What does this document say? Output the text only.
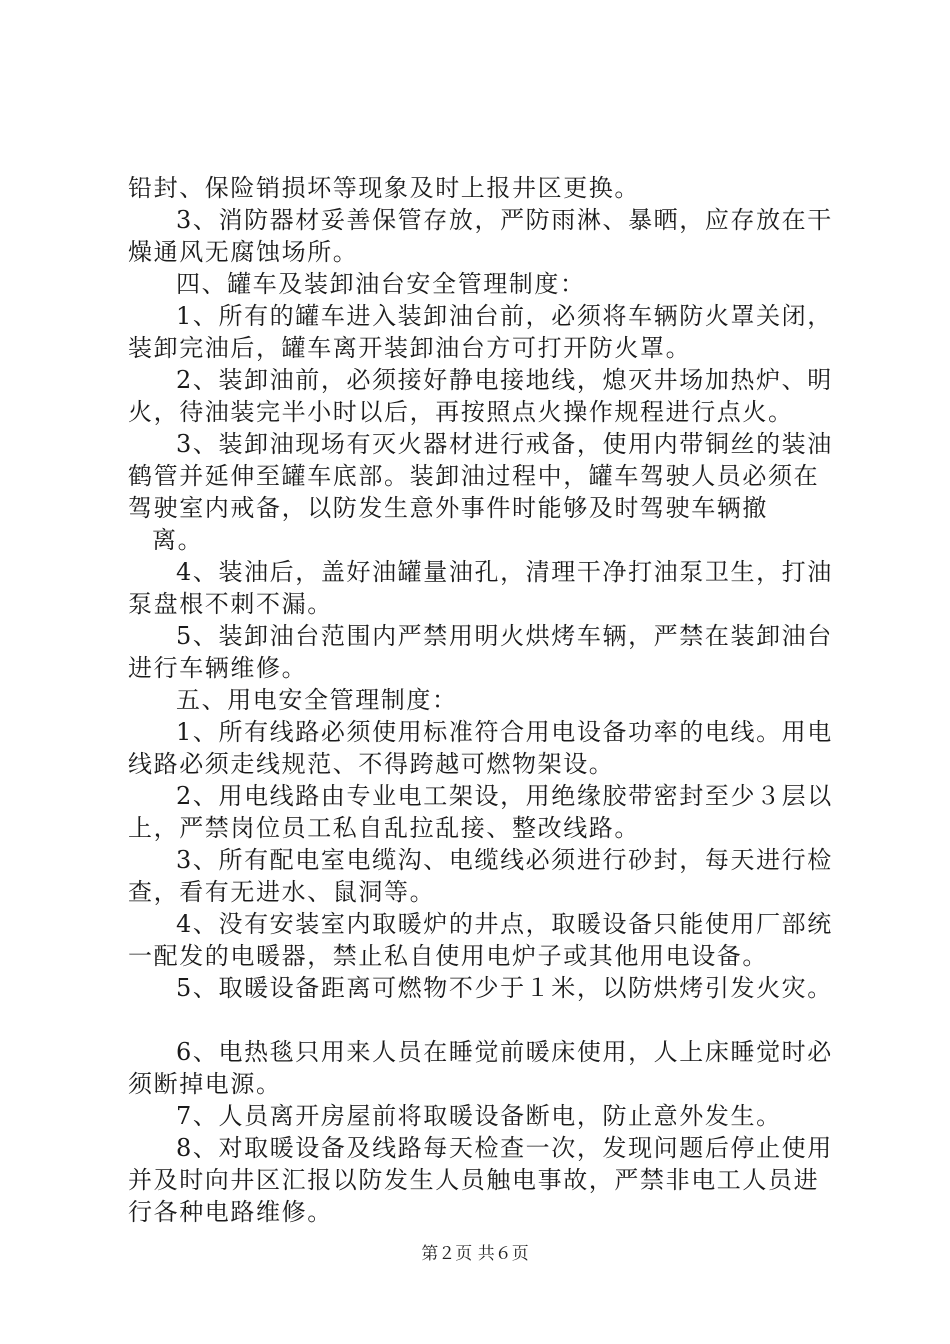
铅封、保险销损坏等现象及时上报井区更换。
3、消防器材妥善保管存放，严防雨淋、暴晒，应存放在干
燥通风无腐蚀场所。
四、罐车及装卸油台安全管理制度：
1、所有的罐车进入装卸油台前，必须将车辆防火罩关闭，
装卸完油后，罐车离开装卸油台方可打开防火罩。
2、装卸油前，必须接好静电接地线，熄灭井场加热炉、明
火，待油装完半小时以后，再按照点火操作规程进行点火。
3、装卸油现场有灭火器材进行戒备，使用内带铜丝的装油
鹤管并延伸至罐车底部。装卸油过程中，罐车驾驶人员必须在
驾驶室内戒备，以防发生意外事件时能够及时驾驶车辆撤
离。
4、装油后，盖好油罐量油孔，清理干净打油泵卫生，打油
泵盘根不刺不漏。
5、装卸油台范围内严禁用明火烘烤车辆，严禁在装卸油台
进行车辆维修。
五、用电安全管理制度：
1、所有线路必须使用标准符合用电设备功率的电线。用电
线路必须走线规范、不得跨越可燃物架设。
2、用电线路由专业电工架设，用绝缘胶带密封至少３层以
上，严禁岗位员工私自乱拉乱接、整改线路。
3、所有配电室电缆沟、电缆线必须进行砂封，每天进行检
查，看有无进水、鼠洞等。
4、没有安装室内取暖炉的井点，取暖设备只能使用厂部统
一配发的电暖器，禁止私自使用电炉子或其他用电设备。
5、取暖设备距离可燃物不少于１米，以防烘烤引发火灾。
6、电热毯只用来人员在睡觉前暖床使用，人上床睡觉时必
须断掉电源。
7、人员离开房屋前将取暖设备断电，防止意外发生。
8、对取暖设备及线路每天检查一次，发现问题后停止使用
并及时向井区汇报以防发生人员触电事故，严禁非电工人员进
行各种电路维修。
第２页 共６页
